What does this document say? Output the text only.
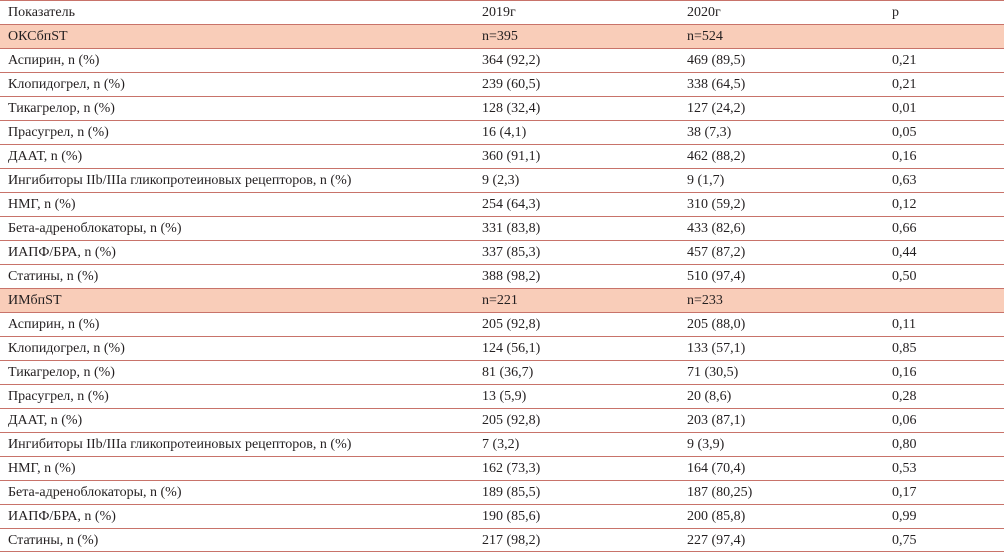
Показатель	2019г	2020г	p
ОКСбпST	n=395	n=524
Аспирин, n (%)	364 (92,2)	469 (89,5)	0,21
Клопидогрел, n (%)	239 (60,5)	338 (64,5)	0,21
Тикагрелор, n (%)	128 (32,4)	127 (24,2)	0,01
Прасугрел, n (%)	16 (4,1)	38 (7,3)	0,05
ДААТ, n (%)	360 (91,1)	462 (88,2)	0,16
Ингибиторы IIb/IIIa гликопротеиновых рецепторов, n (%)	9 (2,3)	9 (1,7)	0,63
НМГ, n (%)	254 (64,3)	310 (59,2)	0,12
Бета-адреноблокаторы, n (%)	331 (83,8)	433 (82,6)	0,66
ИАПФ/БРА, n (%)	337 (85,3)	457 (87,2)	0,44
Статины, n (%)	388 (98,2)	510 (97,4)	0,50
ИМбпST	n=221	n=233
Аспирин, n (%)	205 (92,8)	205 (88,0)	0,11
Клопидогрел, n (%)	124 (56,1)	133 (57,1)	0,85
Тикагрелор, n (%)	81 (36,7)	71 (30,5)	0,16
Прасугрел, n (%)	13 (5,9)	20 (8,6)	0,28
ДААТ, n (%)	205 (92,8)	203 (87,1)	0,06
Ингибиторы IIb/IIIa гликопротеиновых рецепторов, n (%)	7 (3,2)	9 (3,9)	0,80
НМГ, n (%)	162 (73,3)	164 (70,4)	0,53
Бета-адреноблокаторы, n (%)	189 (85,5)	187 (80,25)	0,17
ИАПФ/БРА, n (%)	190 (85,6)	200 (85,8)	0,99
Статины, n (%)	217 (98,2)	227 (97,4)	0,75
